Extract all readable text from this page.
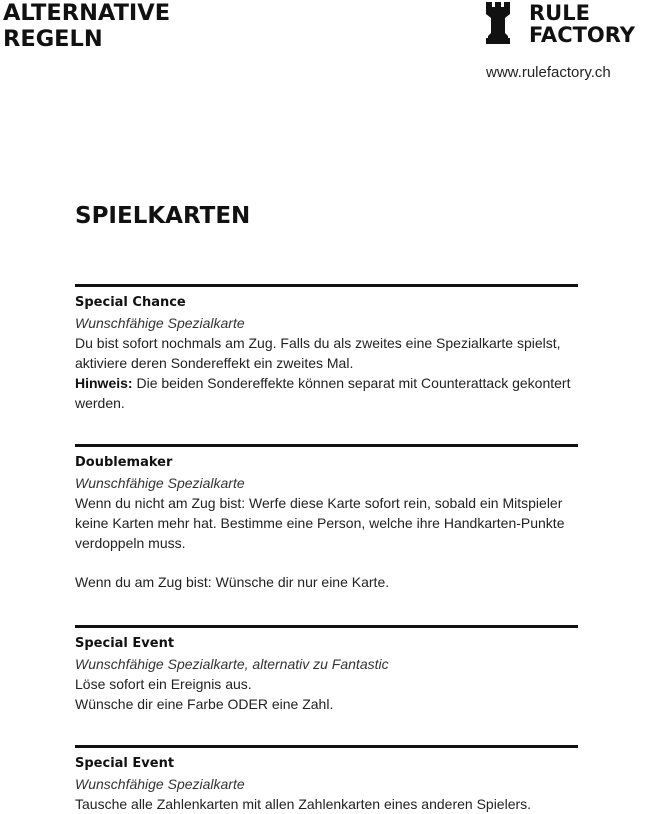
ALTERNATIVE
REGELN
RULE
FACTORY
www.rulefactory.ch
SPIELKARTEN
Special Chance
Wunschfähige Spezialkarte
Du bist sofort nochmals am Zug. Falls du als zweites eine Spezialkarte spielst, aktiviere deren Sondereffekt ein zweites Mal.
Hinweis: Die beiden Sondereffekte können separat mit Counterattack gekontert werden.
Doublemaker
Wunschfähige Spezialkarte
Wenn du nicht am Zug bist: Werfe diese Karte sofort rein, sobald ein Mitspieler keine Karten mehr hat. Bestimme eine Person, welche ihre Handkarten-Punkte verdoppeln muss.
Wenn du am Zug bist: Wünsche dir nur eine Karte.
Special Event
Wunschfähige Spezialkarte, alternativ zu Fantastic
Löse sofort ein Ereignis aus.
Wünsche dir eine Farbe ODER eine Zahl.
Special Event
Wunschfähige Spezialkarte
Tausche alle Zahlenkarten mit allen Zahlenkarten eines anderen Spielers.
